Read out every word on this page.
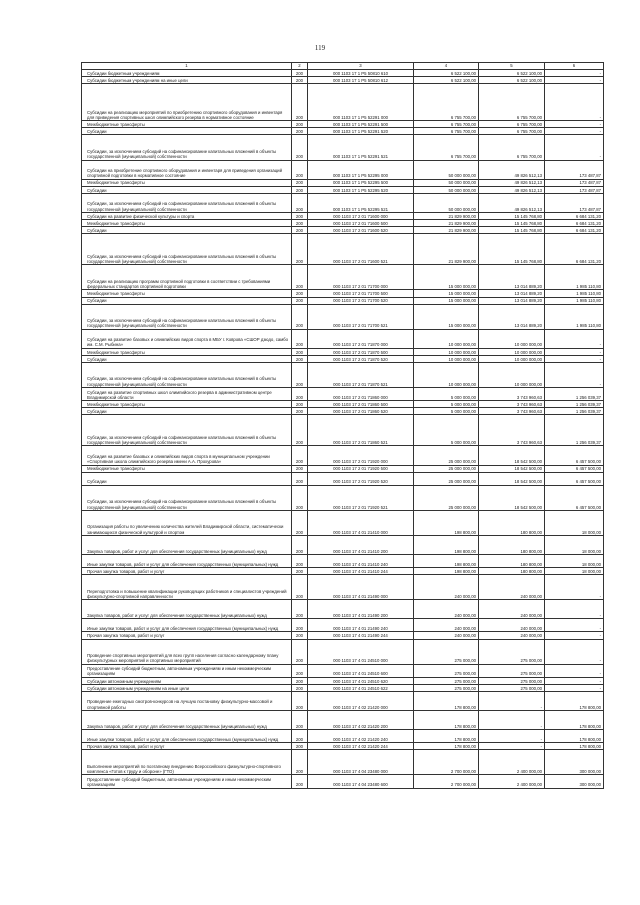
119
1	2	3	4	5	6
Субсидии бюджетным учреждениям	200	000 1103 17 1 Р5 50810 610	6 522 100,00	6 522 100,00	-
Субсидии бюджетным учреждениям на иные цели	200	000 1103 17 1 Р5 50810 612	6 522 100,00	6 522 100,00	-
Субсидии на реализацию мероприятий по приобретению спортивного оборудования и инвентаря для приведения спортивных школ олимпийского резерва в нормативное состояние	200	000 1103 17 1 Р5 52291 000	6 755 700,00	6 755 700,00	-
Межбюджетные трансферты	200	000 1103 17 1 Р5 52291 500	6 755 700,00	6 755 700,00	-
Субсидии	200	000 1103 17 1 Р5 52291 520	6 755 700,00	6 755 700,00	-
Субсидии, за исключением субсидий на софинансирование капитальных вложений в объекты государственной (муниципальной) собственности	200	000 1103 17 1 Р5 52291 521	6 755 700,00	6 755 700,00	-
Субсидии на приобретение спортивного оборудования и инвентаря для приведения организаций спортивной подготовки в нормативное состояние	200	000 1103 17 1 Р5 52295 000	50 000 000,00	49 826 512,13	173 487,87
Межбюджетные трансферты	200	000 1103 17 1 Р5 52295 500	50 000 000,00	49 826 512,13	173 487,87
Субсидии	200	000 1103 17 1 Р5 52295 520	50 000 000,00	49 826 512,13	173 487,87
Субсидии, за исключением субсидий на софинансирование капитальных вложений в объекты государственной (муниципальной) собственности	200	000 1103 17 1 Р5 52295 521	50 000 000,00	49 826 512,13	173 487,87
Субсидии на развитие физической культуры и спорта	200	000 1103 17 2 01 71600 000	21 829 900,00	15 145 768,80	6 684 131,20
Межбюджетные трансферты	200	000 1103 17 2 01 71600 500	21 829 900,00	15 145 768,80	6 684 131,20
Субсидии	200	000 1103 17 2 01 71600 520	21 829 900,00	15 145 768,80	6 684 131,20
Субсидии, за исключением субсидий на софинансирование капитальных вложений в объекты государственной (муниципальной) собственности	200	000 1103 17 2 01 71600 521	21 829 900,00	15 145 768,80	6 684 131,20
Субсидии на реализацию программ спортивной подготовки в соответствии с требованиями федеральных стандартов спортивной подготовки	200	000 1103 17 2 01 71700 000	15 000 000,00	13 014 889,20	1 985 110,80
Межбюджетные трансферты	200	000 1103 17 2 01 71700 500	15 000 000,00	13 014 889,20	1 985 110,80
Субсидии	200	000 1103 17 2 01 71700 520	15 000 000,00	13 014 889,20	1 985 110,80
Субсидии, за исключением субсидий на софинансирование капитальных вложений в объекты государственной (муниципальной) собственности	200	000 1103 17 2 01 71700 521	15 000 000,00	13 014 889,20	1 985 110,80
Субсидия на развитие базовых и олимпийских видов спорта в МБУ г. Коврова «СШОР дзюдо, самбо им. С.М. Рыбина»	200	000 1103 17 2 01 71870 000	10 000 000,00	10 000 000,00	-
Межбюджетные трансферты	200	000 1103 17 2 01 71870 500	10 000 000,00	10 000 000,00	-
Субсидии	200	000 1103 17 2 01 71870 520	10 000 000,00	10 000 000,00	-
Субсидии, за исключением субсидий на софинансирование капитальных вложений в объекты государственной (муниципальной) собственности	200	000 1103 17 2 01 71870 521	10 000 000,00	10 000 000,00	-
Субсидия на развитие спортивных школ олимпийского резерва в административном центре Владимирской области	200	000 1103 17 2 01 71860 000	5 000 000,00	3 743 960,63	1 256 039,37
Межбюджетные трансферты	200	000 1103 17 2 01 71860 500	5 000 000,00	3 743 960,63	1 256 039,37
Субсидии	200	000 1103 17 2 01 71860 520	5 000 000,00	3 743 960,63	1 256 039,37
Субсидии, за исключением субсидий на софинансирование капитальных вложений в объекты государственной (муниципальной) собственности	200	000 1103 17 2 01 71860 521	5 000 000,00	3 743 960,63	1 256 039,37
Субсидия на развитие базовых и олимпийских видов спорта в муниципальном учреждении «Спортивная школа олимпийского резерва имени А.А. Прохурова»	200	000 1103 17 2 01 71920 000	25 000 000,00	18 542 500,00	6 457 500,00
Межбюджетные трансферты	200	000 1103 17 2 01 71920 500	25 000 000,00	18 542 500,00	6 457 500,00
Субсидии	200	000 1103 17 2 01 71920 520	25 000 000,00	18 542 500,00	6 457 500,00
Субсидии, за исключением субсидий на софинансирование капитальных вложений в объекты государственной (муниципальной) собственности	200	000 1103 17 2 01 71920 521	25 000 000,00	18 542 500,00	6 457 500,00
Организация работы по увеличению количества жителей Владимирской области, систематически занимающихся физической культурой и спортом	200	000 1103 17 4 01 21410 000	198 800,00	180 800,00	18 000,00
Закупка товаров, работ и услуг для обеспечения государственных (муниципальных) нужд	200	000 1103 17 4 01 21410 200	198 800,00	180 800,00	18 000,00
Иные закупки товаров, работ и услуг для обеспечения государственных (муниципальных) нужд	200	000 1103 17 4 01 21410 240	198 800,00	180 800,00	18 000,00
Прочая закупка товаров, работ и услуг	200	000 1103 17 4 01 21410 244	198 800,00	180 800,00	18 000,00
Переподготовка и повышение квалификации руководящих работников и специалистов учреждений физкультурно-спортивной направленности	200	000 1103 17 4 01 21490 000	240 000,00	240 000,00	-
Закупка товаров, работ и услуг для обеспечения государственных (муниципальных) нужд	200	000 1103 17 4 01 21490 200	240 000,00	240 000,00	-
Иные закупки товаров, работ и услуг для обеспечения государственных (муниципальных) нужд	200	000 1103 17 4 01 21490 240	240 000,00	240 000,00	-
Прочая закупка товаров, работ и услуг	200	000 1103 17 4 01 21490 244	240 000,00	240 000,00	-
Проведение спортивных мероприятий для всех групп населения согласно календарному плану физкультурных мероприятий и спортивных мероприятий	200	000 1103 17 4 01 24510 000	275 000,00	275 000,00	-
Предоставление субсидий бюджетным, автономным учреждениям и иным некоммерческим организациям	200	000 1103 17 4 01 24510 600	275 000,00	275 000,00	-
Субсидии автономным учреждениям	200	000 1103 17 4 01 24510 620	275 000,00	275 000,00	-
Субсидии автономным учреждениям на иные цели	200	000 1103 17 4 01 24510 622	275 000,00	275 000,00	-
Проведение ежегодных смотров-конкурсов на лучшую постановку физкультурно-массовой и спортивной работы	200	000 1103 17 4 02 21420 000	178 800,00	-	178 800,00
Закупка товаров, работ и услуг для обеспечения государственных (муниципальных) нужд	200	000 1103 17 4 02 21420 200	178 800,00	-	178 800,00
Иные закупки товаров, работ и услуг для обеспечения государственных (муниципальных) нужд	200	000 1103 17 4 02 21420 240	178 800,00	-	178 800,00
Прочая закупка товаров, работ и услуг	200	000 1103 17 4 02 21420 244	178 800,00	-	178 800,00
Выполнение мероприятий по поэтапному внедрению Всероссийского физкультурно-спортивного комплекса «Готов к труду и обороне» (ГТО)	200	000 1103 17 4 04 23480 000	2 700 000,00	2 400 000,00	300 000,00
Предоставление субсидий бюджетным, автономным учреждениям и иным некоммерческим организациям	200	000 1103 17 4 04 23480 600	2 700 000,00	2 400 000,00	300 000,00
